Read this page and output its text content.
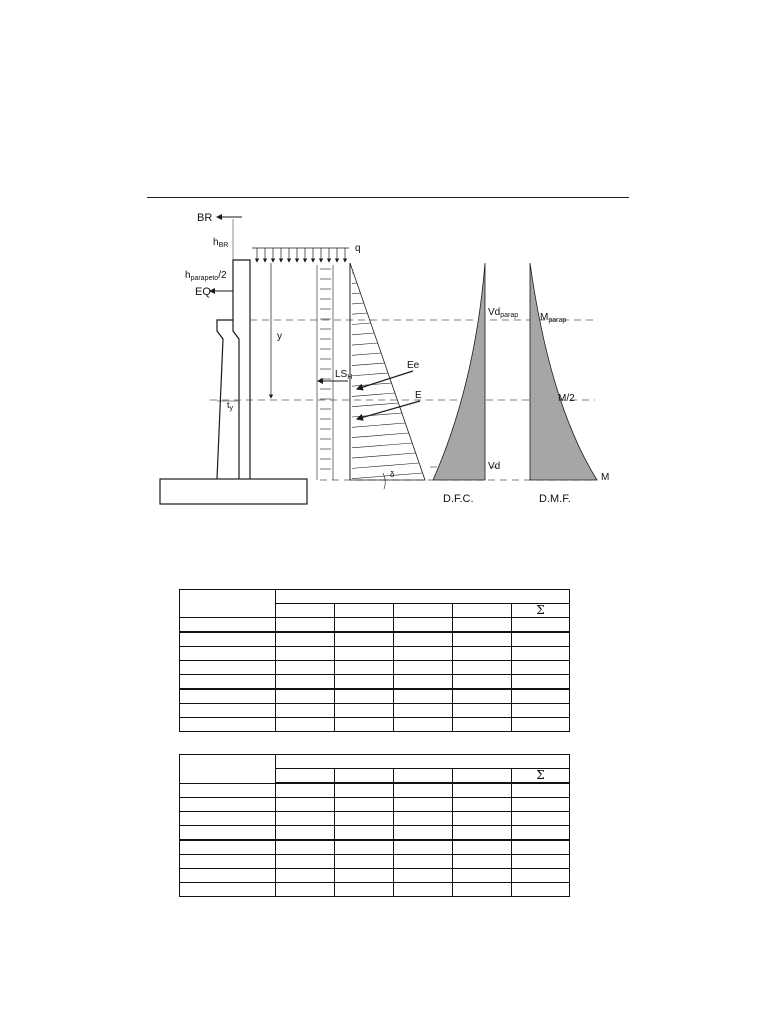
q
y
BR
$h_{BR}$
$h_{parapeto}/2$
EQ
$t_y$
$LS_H$
Ee
E
δ
$Vd_{parap}$
Vd
D.F.C.
$M_{parap}$
M/2
M
D.M.F.

					Σ

					Σ
